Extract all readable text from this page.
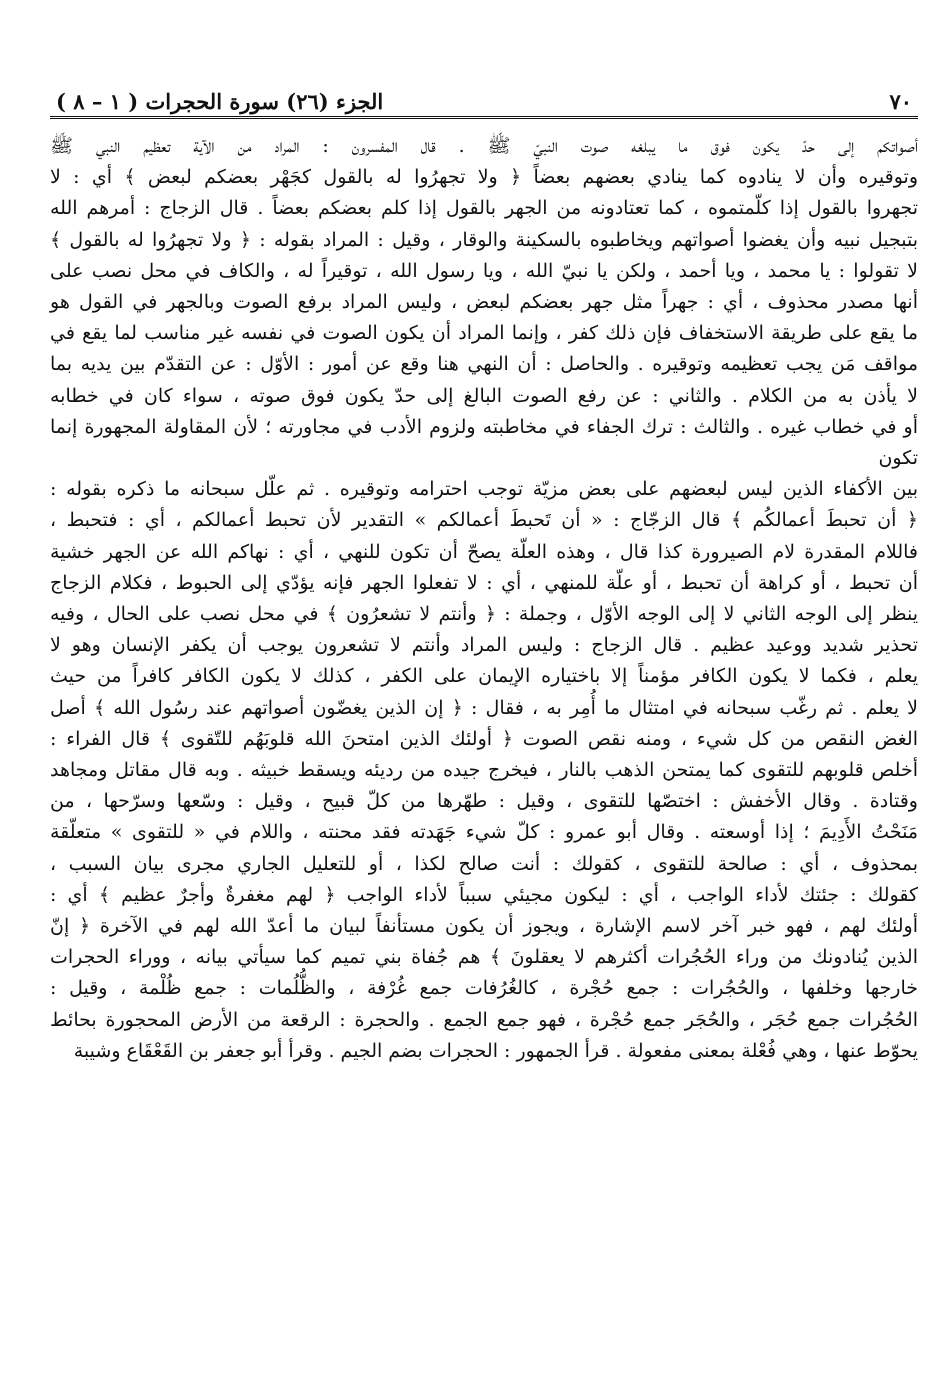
٧٠
الجزء (٢٦) سورة الحجرات ( ١ – ٨ )

أصواتكم إلى حدّ يكون فوق ما يبلغه صوت النبيّ ﷺ . قال المفسرون : المراد من الآية تعظيم النبي ﷺ

وتوقيره وأن لا ينادوه كما ينادي بعضهم بعضاً ﴿ ولا تجهرُوا له بالقول كجَهْر بعضكم لبعض ﴾ أي : لا

تجهروا بالقول إذا كلّمتموه ، كما تعتادونه من الجهر بالقول إذا كلم بعضكم بعضاً . قال الزجاج : أمرهم الله

بتبجيل نبيه وأن يغضوا أصواتهم ويخاطبوه بالسكينة والوقار ، وقيل : المراد بقوله : ﴿ ولا تجهرُوا له بالقول ﴾

لا تقولوا : يا محمد ، ويا أحمد ، ولكن يا نبيّ الله ، ويا رسول الله ، توقيراً له ، والكاف في محل نصب على

أنها مصدر محذوف ، أي : جهراً مثل جهر بعضكم لبعض ، وليس المراد برفع الصوت وبالجهر في القول هو

ما يقع على طريقة الاستخفاف فإن ذلك كفر ، وإنما المراد أن يكون الصوت في نفسه غير مناسب لما يقع في

مواقف مَن يجب تعظيمه وتوقيره . والحاصل : أن النهي هنا وقع عن أمور : الأوّل : عن التقدّم بين يديه بما

لا يأذن به من الكلام . والثاني : عن رفع الصوت البالغ إلى حدّ يكون فوق صوته ، سواء كان في خطابه

أو في خطاب غيره . والثالث : ترك الجفاء في مخاطبته ولزوم الأدب في مجاورته ؛ لأن المقاولة المجهورة إنما تكون

بين الأكفاء الذين ليس لبعضهم على بعض مزيّة توجب احترامه وتوقيره . ثم علّل سبحانه ما ذكره بقوله :

﴿ أن تحبطَ أعمالكُم ﴾ قال الزجّاج : « أن تَحبطَ أعمالكم » التقدير لأن تحبط أعمالكم ، أي : فتحبط ،

فاللام المقدرة لام الصيرورة كذا قال ، وهذه العلّة يصحّ أن تكون للنهي ، أي : نهاكم الله عن الجهر خشية

أن تحبط ، أو كراهة أن تحبط ، أو علّة للمنهي ، أي : لا تفعلوا الجهر فإنه يؤدّي إلى الحبوط ، فكلام الزجاج

ينظر إلى الوجه الثاني لا إلى الوجه الأوّل ، وجملة : ﴿ وأنتم لا تشعرُون ﴾ في محل نصب على الحال ، وفيه

تحذير شديد ووعيد عظيم . قال الزجاج : وليس المراد وأنتم لا تشعرون يوجب أن يكفر الإنسان وهو لا

يعلم ، فكما لا يكون الكافر مؤمناً إلا باختياره الإيمان على الكفر ، كذلك لا يكون الكافر كافراً من حيث

لا يعلم . ثم رغّب سبحانه في امتثال ما أُمِر به ، فقال : ﴿ إن الذين يغضّون أصواتهم عند رسُول الله ﴾ أصل

الغض النقص من كل شيء ، ومنه نقص الصوت ﴿ أولئك الذين امتحنَ الله قلوبَهُم للتّقوى ﴾ قال الفراء :

أخلص قلوبهم للتقوى كما يمتحن الذهب بالنار ، فيخرج جيده من رديئه ويسقط خبيثه . وبه قال مقاتل ومجاهد

وقتادة . وقال الأخفش : اختصّها للتقوى ، وقيل : طهّرها من كلّ قبيح ، وقيل : وسّعها وسرّحها ، من

مَنَحْتُ الأَدِيمَ ؛ إذا أوسعته . وقال أبو عمرو : كلّ شيء جَهَدته فقد محنته ، واللام في « للتقوى » متعلّقة

بمحذوف ، أي : صالحة للتقوى ، كقولك : أنت صالح لكذا ، أو للتعليل الجاري مجرى بيان السبب ،

كقولك : جئتك لأداء الواجب ، أي : ليكون مجيئي سبباً لأداء الواجب ﴿ لهم مغفرةٌ وأجرٌ عظيم ﴾ أي :

أولئك لهم ، فهو خبر آخر لاسم الإشارة ، ويجوز أن يكون مستأنفاً لبيان ما أعدّ الله لهم في الآخرة ﴿ إنّ

الذين يُنادونك من وراء الحُجُرات أكثرهم لا يعقلونَ ﴾ هم جُفاة بني تميم كما سيأتي بيانه ، ووراء الحجرات

خارجها وخلفها ، والحُجُرات : جمع حُجْرة ، كالغُرُفات جمع غُرْفة ، والظُّلُمات : جمع ظُلْمة ، وقيل :

الحُجُرات جمع حُجَر ، والحُجَر جمع حُجْرة ، فهو جمع الجمع . والحجرة : الرقعة من الأرض المحجورة بحائط

يحوّط عنها ، وهي فُعْلة بمعنى مفعولة . قرأ الجمهور : الحجرات بضم الجيم . وقرأ أبو جعفر بن القَعْقَاع وشيبة
